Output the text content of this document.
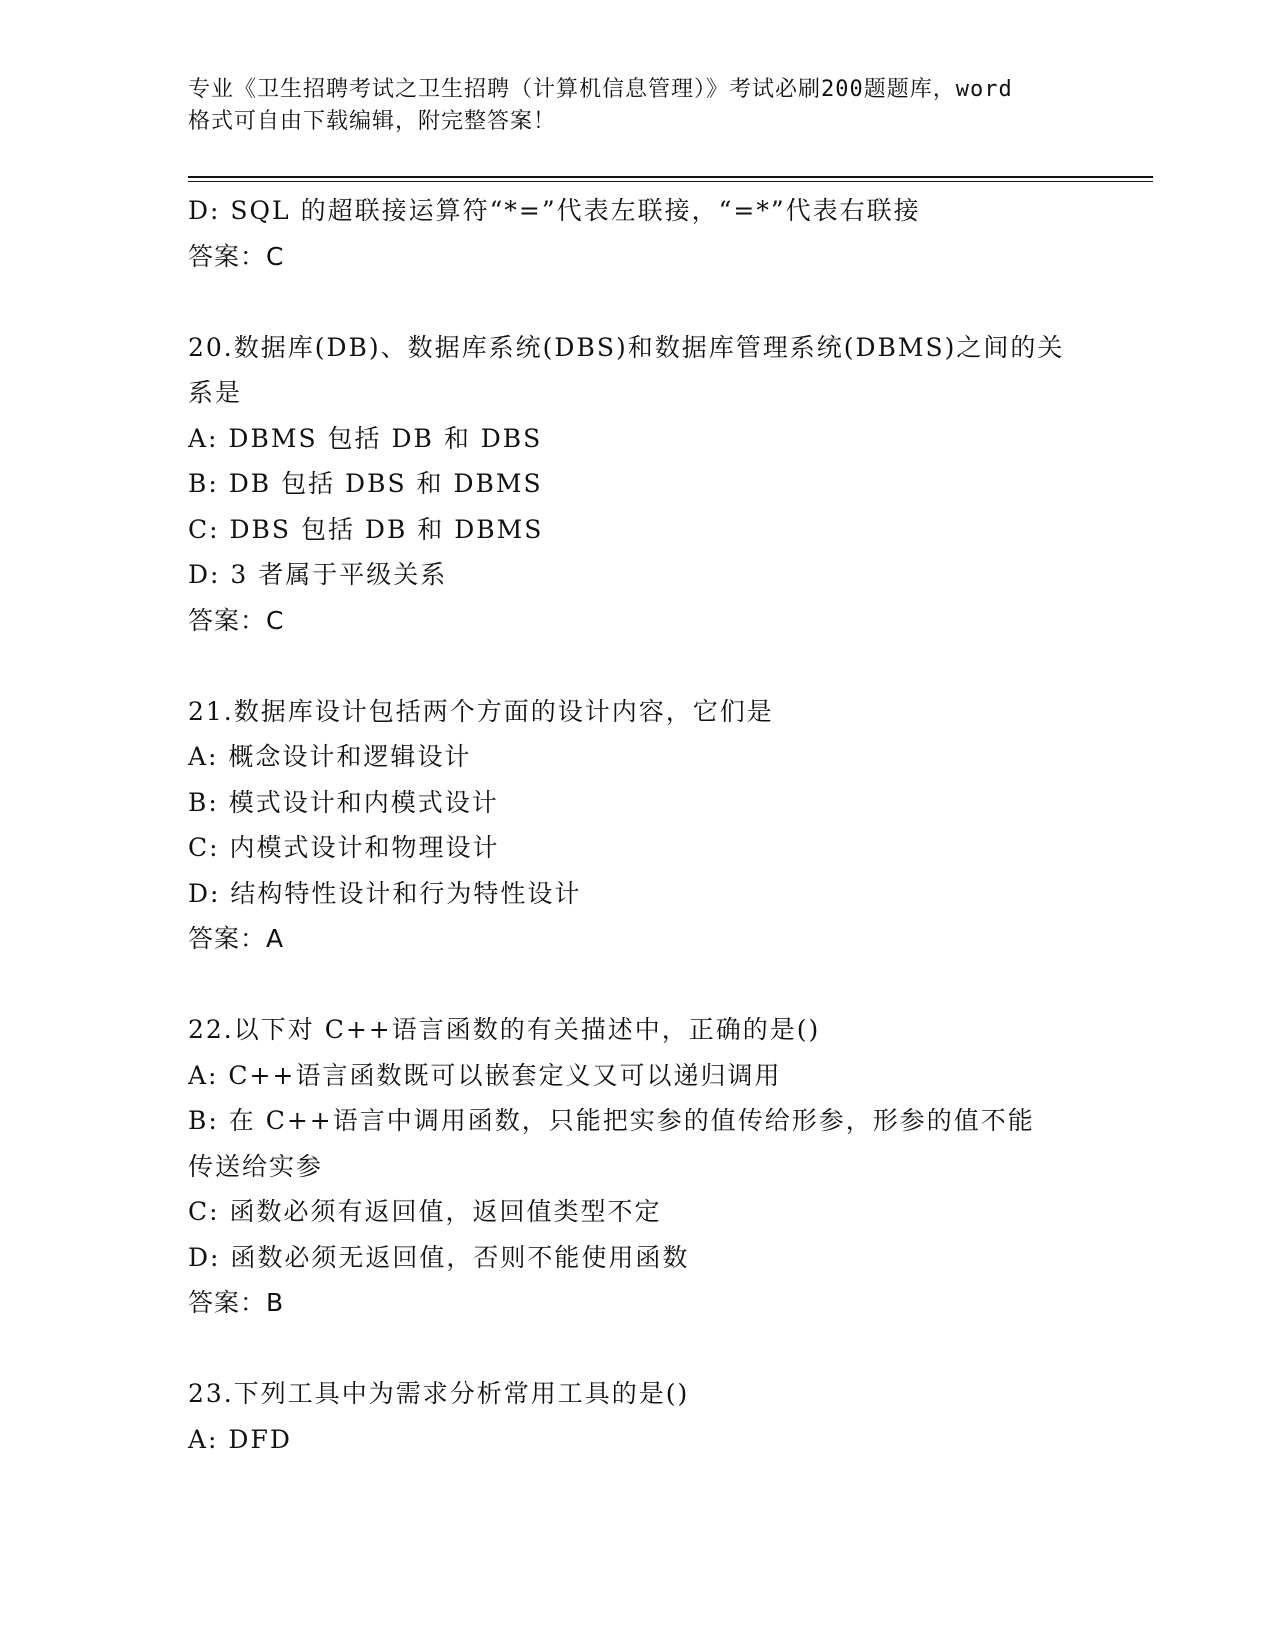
专业《卫生招聘考试之卫生招聘（计算机信息管理）》考试必刷200题题库，word
格式可自由下载编辑，附完整答案！
D: SQL 的超联接运算符“*=”代表左联接，“=*”代表右联接
答案：C
20.数据库(DB)、数据库系统(DBS)和数据库管理系统(DBMS)之间的关
系是
A: DBMS 包括 DB 和 DBS
B: DB 包括 DBS 和 DBMS
C: DBS 包括 DB 和 DBMS
D: 3 者属于平级关系
答案：C
21.数据库设计包括两个方面的设计内容，它们是
A: 概念设计和逻辑设计
B: 模式设计和内模式设计
C: 内模式设计和物理设计
D: 结构特性设计和行为特性设计
答案：A
22.以下对 C++语言函数的有关描述中，正确的是()
A: C++语言函数既可以嵌套定义又可以递归调用
B: 在 C++语言中调用函数，只能把实参的值传给形参，形参的值不能
传送给实参
C: 函数必须有返回值，返回值类型不定
D: 函数必须无返回值，否则不能使用函数
答案：B
23.下列工具中为需求分析常用工具的是()
A: DFD
